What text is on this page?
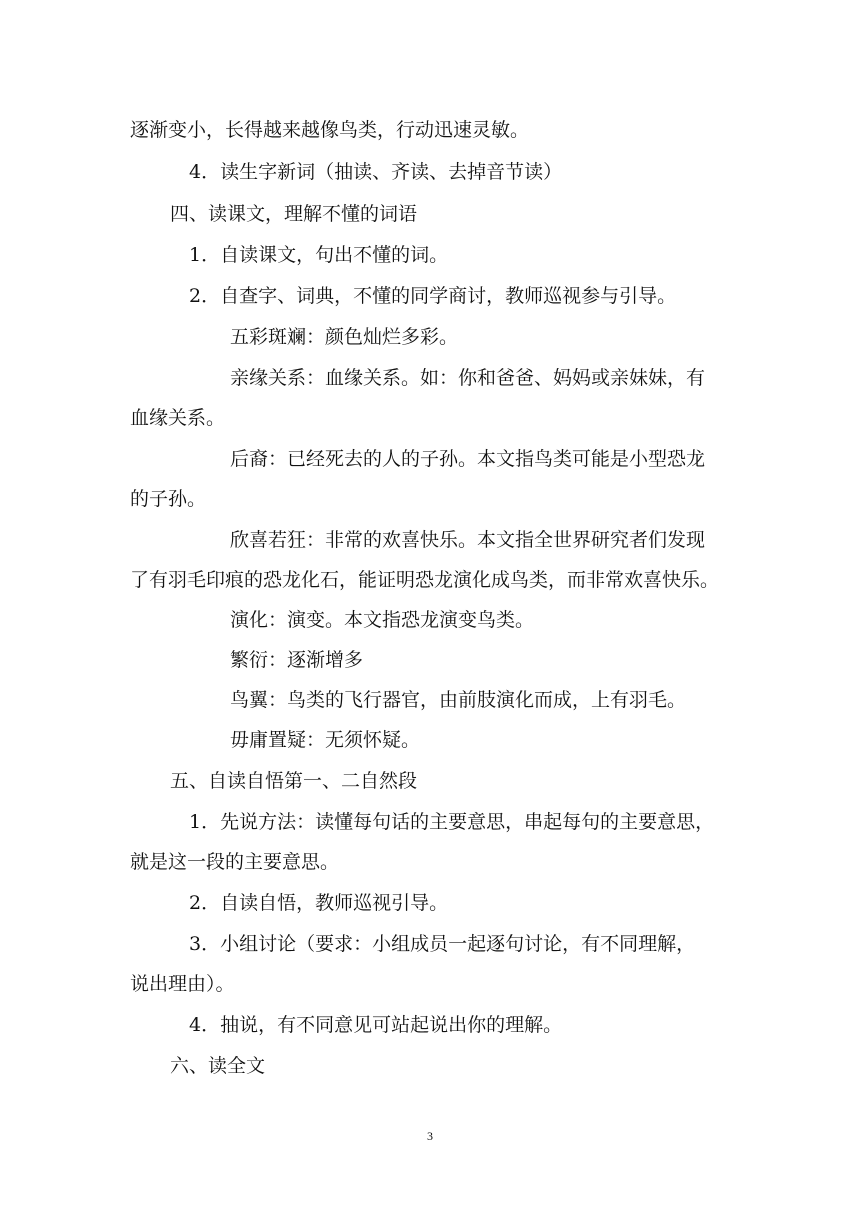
逐渐变小，长得越来越像鸟类，行动迅速灵敏。
4．读生字新词（抽读、齐读、去掉音节读）
四、读课文，理解不懂的词语
1．自读课文，句出不懂的词。
2．自查字、词典，不懂的同学商讨，教师巡视参与引导。
五彩斑斓：颜色灿烂多彩。
亲缘关系：血缘关系。如：你和爸爸、妈妈或亲妹妹，有
血缘关系。
后裔：已经死去的人的子孙。本文指鸟类可能是小型恐龙
的子孙。
欣喜若狂：非常的欢喜快乐。本文指全世界研究者们发现
了有羽毛印痕的恐龙化石，能证明恐龙演化成鸟类，而非常欢喜快乐。
演化：演变。本文指恐龙演变鸟类。
繁衍：逐渐增多
鸟翼：鸟类的飞行器官，由前肢演化而成，上有羽毛。
毋庸置疑：无须怀疑。
五、自读自悟第一、二自然段
1．先说方法：读懂每句话的主要意思，串起每句的主要意思，
就是这一段的主要意思。
2．自读自悟，教师巡视引导。
3．小组讨论（要求：小组成员一起逐句讨论，有不同理解，
说出理由）。
4．抽说，有不同意见可站起说出你的理解。
六、读全文
3
